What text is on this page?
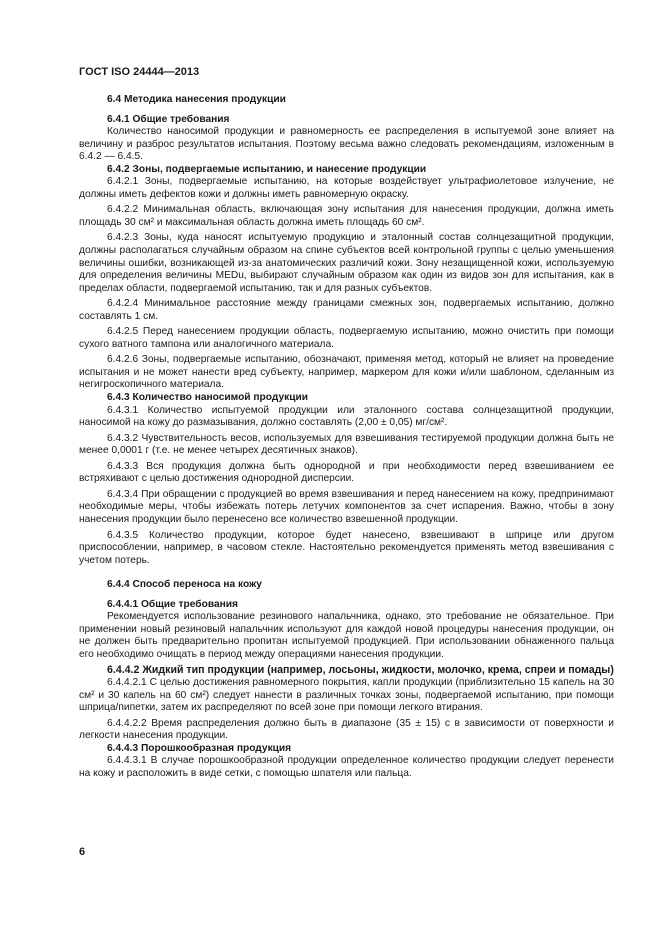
ГОСТ ISO 24444—2013

6.4 Методика нанесения продукции

6.4.1 Общие требования

Количество наносимой продукции и равномерность ее распределения в испытуемой зоне влияет на величину и разброс результатов испытания. Поэтому весьма важно следовать рекомендациям, изложенным в 6.4.2 — 6.4.5.

6.4.2 Зоны, подвергаемые испытанию, и нанесение продукции

6.4.2.1 Зоны, подвергаемые испытанию, на которые воздействует ультрафиолетовое излучение, не должны иметь дефектов кожи и должны иметь равномерную окраску.

6.4.2.2 Минимальная область, включающая зону испытания для нанесения продукции, должна иметь площадь 30 см² и максимальная область должна иметь площадь 60 см².

6.4.2.3 Зоны, куда наносят испытуемую продукцию и эталонный состав солнцезащитной продукции, должны располагаться случайным образом на спине субъектов всей контрольной группы с целью уменьшения величины ошибки, возникающей из-за анатомических различий кожи. Зону незащищенной кожи, используемую для определения величины MEDu, выбирают случайным образом как один из видов зон для испытания, как в пределах области, подвергаемой испытанию, так и для разных субъектов.

6.4.2.4 Минимальное расстояние между границами смежных зон, подвергаемых испытанию, должно составлять 1 см.

6.4.2.5 Перед нанесением продукции область, подвергаемую испытанию, можно очистить при помощи сухого ватного тампона или аналогичного материала.

6.4.2.6 Зоны, подвергаемые испытанию, обозначают, применяя метод, который не влияет на проведение испытания и не может нанести вред субъекту, например, маркером для кожи и/или шаблоном, сделанным из негигроскопичного материала.

6.4.3 Количество наносимой продукции

6.4.3.1 Количество испытуемой продукции или эталонного состава солнцезащитной продукции, наносимой на кожу до размазывания, должно составлять (2,00 ± 0,05) мг/см².

6.4.3.2 Чувствительность весов, используемых для взвешивания тестируемой продукции должна быть не менее 0,0001 г (т.е. не менее четырех десятичных знаков).

6.4.3.3 Вся продукция должна быть однородной и при необходимости перед взвешиванием ее встряхивают с целью достижения однородной дисперсии.

6.4.3.4 При обращении с продукцией во время взвешивания и перед нанесением на кожу, предпринимают необходимые меры, чтобы избежать потерь летучих компонентов за счет испарения. Важно, чтобы в зону нанесения продукции было перенесено все количество взвешенной продукции.

6.4.3.5 Количество продукции, которое будет нанесено, взвешивают в шприце или другом приспособлении, например, в часовом стекле. Настоятельно рекомендуется применять метод взвешивания с учетом потерь.

6.4.4 Способ переноса на кожу

6.4.4.1 Общие требования

Рекомендуется использование резинового напальчника, однако, это требование не обязательное. При применении новый резиновый напальчник используют для каждой новой процедуры нанесения продукции, он не должен быть предварительно пропитан испытуемой продукцией. При использовании обнаженного пальца его необходимо очищать в период между операциями нанесения продукции.

6.4.4.2 Жидкий тип продукции (например, лосьоны, жидкости, молочко, крема, спреи и помады)

6.4.4.2.1 С целью достижения равномерного покрытия, капли продукции (приблизительно 15 капель на 30 см² и 30 капель на 60 см²) следует нанести в различных точках зоны, подвергаемой испытанию, при помощи шприца/пипетки, затем их распределяют по всей зоне при помощи легкого втирания.

6.4.4.2.2 Время распределения должно быть в диапазоне (35 ± 15) с в зависимости от поверхности и легкости нанесения продукции.

6.4.4.3 Порошкообразная продукция

6.4.4.3.1 В случае порошкообразной продукции определенное количество продукции следует перенести на кожу и расположить в виде сетки, с помощью шпателя или пальца.

6
